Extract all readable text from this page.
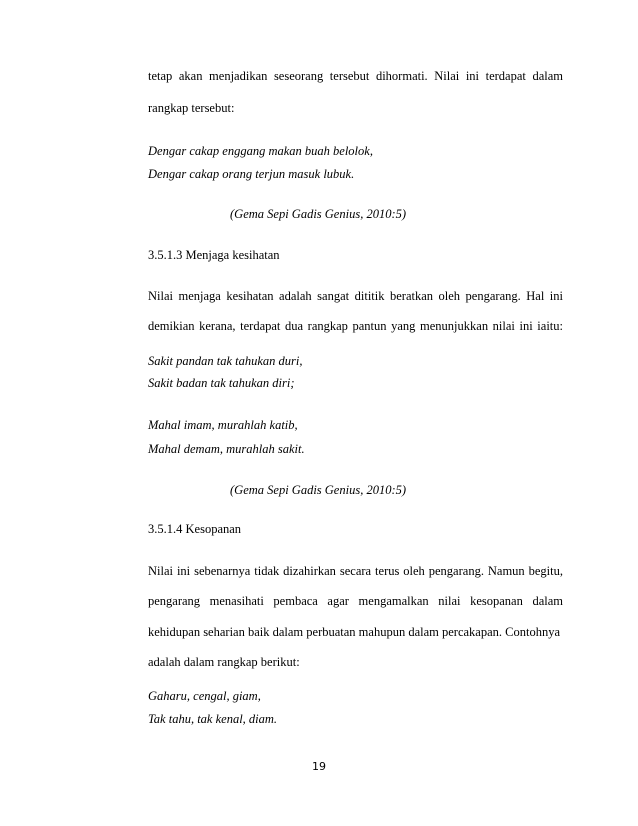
tetap akan menjadikan seseorang tersebut dihormati. Nilai ini terdapat dalam
rangkap tersebut:
Dengar cakap enggang makan buah belolok,
Dengar cakap orang terjun masuk lubuk.
(Gema Sepi Gadis Genius, 2010:5)
3.5.1.3 Menjaga kesihatan
Nilai menjaga kesihatan adalah sangat dititik beratkan oleh pengarang. Hal ini
demikian kerana, terdapat dua rangkap pantun yang menunjukkan nilai ini iaitu:
Sakit pandan tak tahukan duri,
Sakit badan tak tahukan diri;
Mahal imam, murahlah katib,
Mahal demam, murahlah sakit.
(Gema Sepi Gadis Genius, 2010:5)
3.5.1.4 Kesopanan
Nilai ini sebenarnya tidak dizahirkan secara terus oleh pengarang. Namun begitu,
pengarang menasihati pembaca agar mengamalkan nilai kesopanan dalam
kehidupan seharian baik dalam perbuatan mahupun dalam percakapan. Contohnya
adalah dalam rangkap berikut:
Gaharu, cengal, giam,
Tak tahu, tak kenal, diam.
19
